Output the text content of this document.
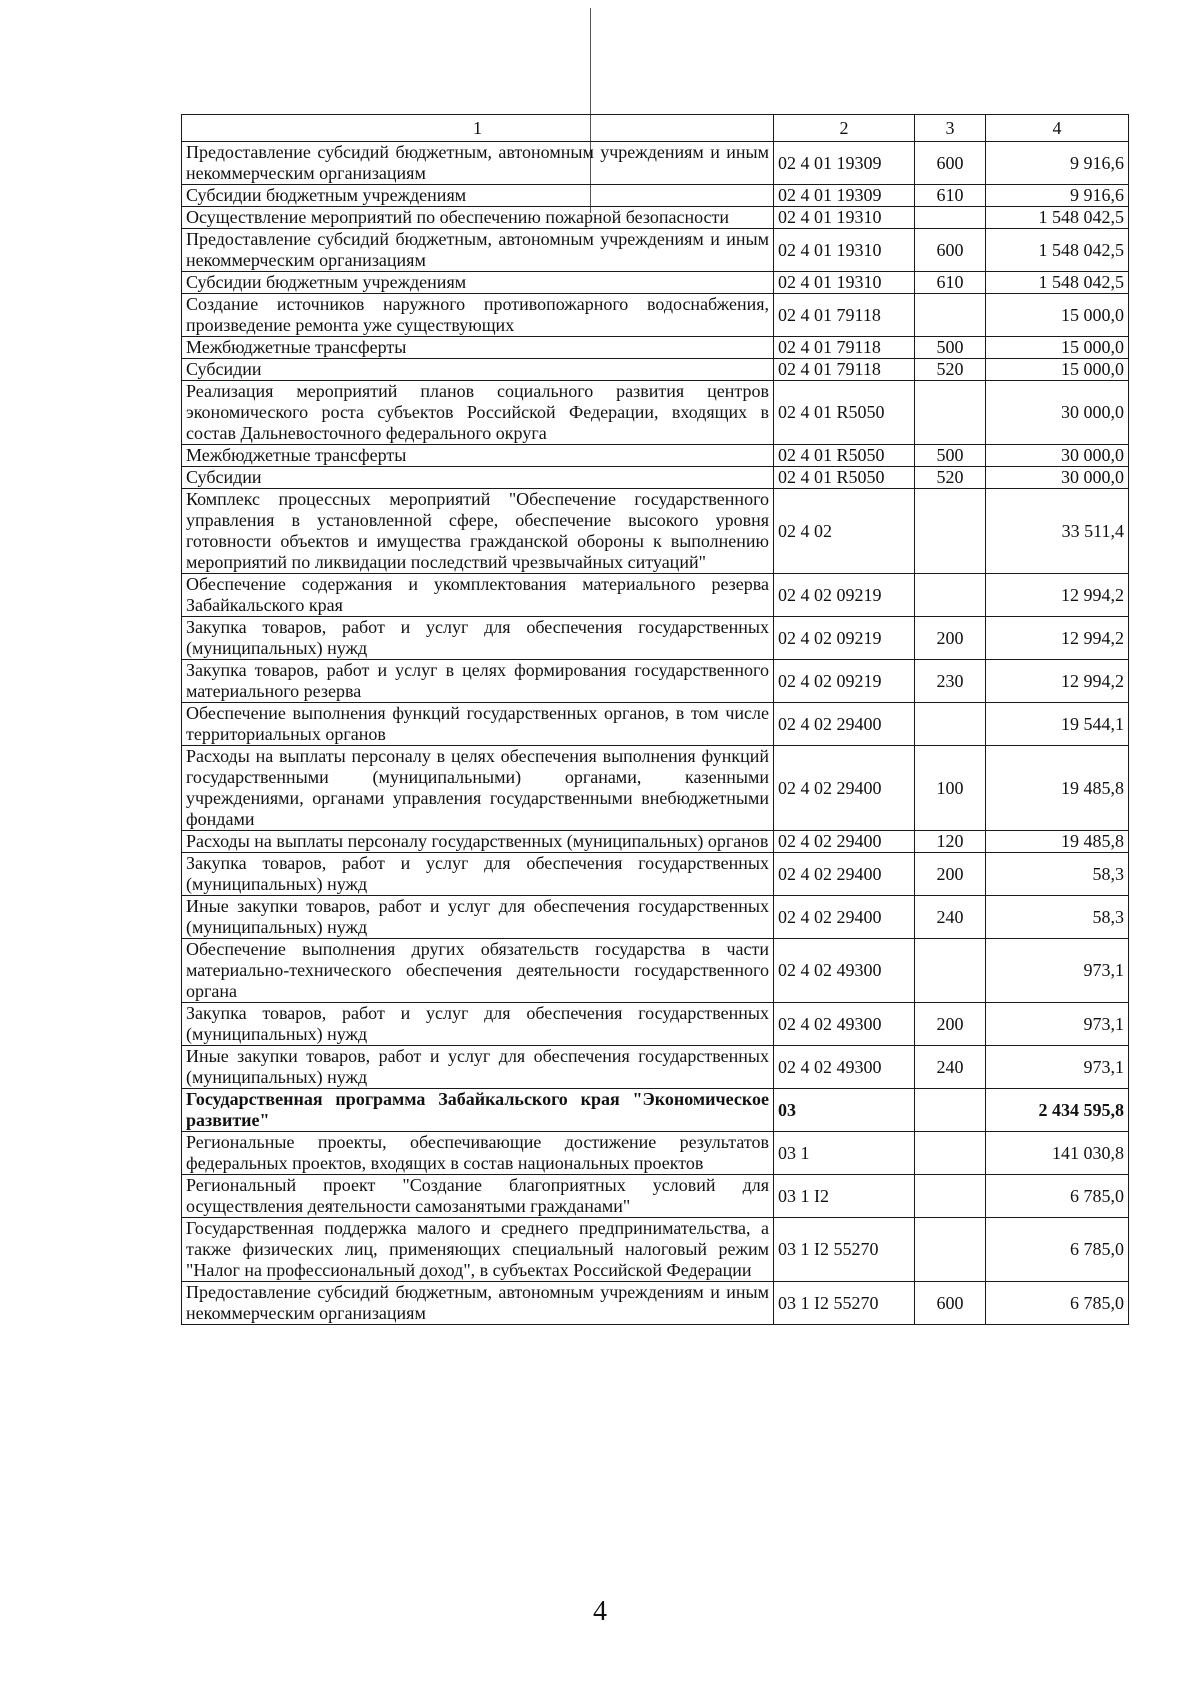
1	2	3	4
Предоставление субсидий бюджетным, автономным учреждениям и иным некоммерческим организациям	02 4 01 19309	600	9 916,6
Субсидии бюджетным учреждениям	02 4 01 19309	610	9 916,6
Осуществление мероприятий по обеспечению пожарной безопасности	02 4 01 19310		1 548 042,5
Предоставление субсидий бюджетным, автономным учреждениям и иным некоммерческим организациям	02 4 01 19310	600	1 548 042,5
Субсидии бюджетным учреждениям	02 4 01 19310	610	1 548 042,5
Создание источников наружного противопожарного водоснабжения, произведение ремонта уже существующих	02 4 01 79118		15 000,0
Межбюджетные трансферты	02 4 01 79118	500	15 000,0
Субсидии	02 4 01 79118	520	15 000,0
Реализация мероприятий планов социального развития центров экономического роста субъектов Российской Федерации, входящих в состав Дальневосточного федерального округа	02 4 01 R5050		30 000,0
Межбюджетные трансферты	02 4 01 R5050	500	30 000,0
Субсидии	02 4 01 R5050	520	30 000,0
Комплекс процессных мероприятий "Обеспечение государственного управления в установленной сфере, обеспечение высокого уровня готовности объектов и имущества гражданской обороны к выполнению мероприятий по ликвидации последствий чрезвычайных ситуаций"	02 4 02		33 511,4
Обеспечение содержания и укомплектования материального резерва Забайкальского края	02 4 02 09219		12 994,2
Закупка товаров, работ и услуг для обеспечения государственных (муниципальных) нужд	02 4 02 09219	200	12 994,2
Закупка товаров, работ и услуг в целях формирования государственного материального резерва	02 4 02 09219	230	12 994,2
Обеспечение выполнения функций государственных органов, в том числе территориальных органов	02 4 02 29400		19 544,1
Расходы на выплаты персоналу в целях обеспечения выполнения функций государственными (муниципальными) органами, казенными учреждениями, органами управления государственными внебюджетными фондами	02 4 02 29400	100	19 485,8
Расходы на выплаты персоналу государственных (муниципальных) органов	02 4 02 29400	120	19 485,8
Закупка товаров, работ и услуг для обеспечения государственных (муниципальных) нужд	02 4 02 29400	200	58,3
Иные закупки товаров, работ и услуг для обеспечения государственных (муниципальных) нужд	02 4 02 29400	240	58,3
Обеспечение выполнения других обязательств государства в части материально-технического обеспечения деятельности государственного органа	02 4 02 49300		973,1
Закупка товаров, работ и услуг для обеспечения государственных (муниципальных) нужд	02 4 02 49300	200	973,1
Иные закупки товаров, работ и услуг для обеспечения государственных (муниципальных) нужд	02 4 02 49300	240	973,1
Государственная программа Забайкальского края "Экономическое развитие"	03		2 434 595,8
Региональные проекты, обеспечивающие достижение результатов федеральных проектов, входящих в состав национальных проектов	03 1		141 030,8
Региональный проект "Создание благоприятных условий для осуществления деятельности самозанятыми гражданами"	03 1 I2		6 785,0
Государственная поддержка малого и среднего предпринимательства, а также физических лиц, применяющих специальный налоговый режим "Налог на профессиональный доход", в субъектах Российской Федерации	03 1 I2 55270		6 785,0
Предоставление субсидий бюджетным, автономным учреждениям и иным некоммерческим организациям	03 1 I2 55270	600	6 785,0
4
